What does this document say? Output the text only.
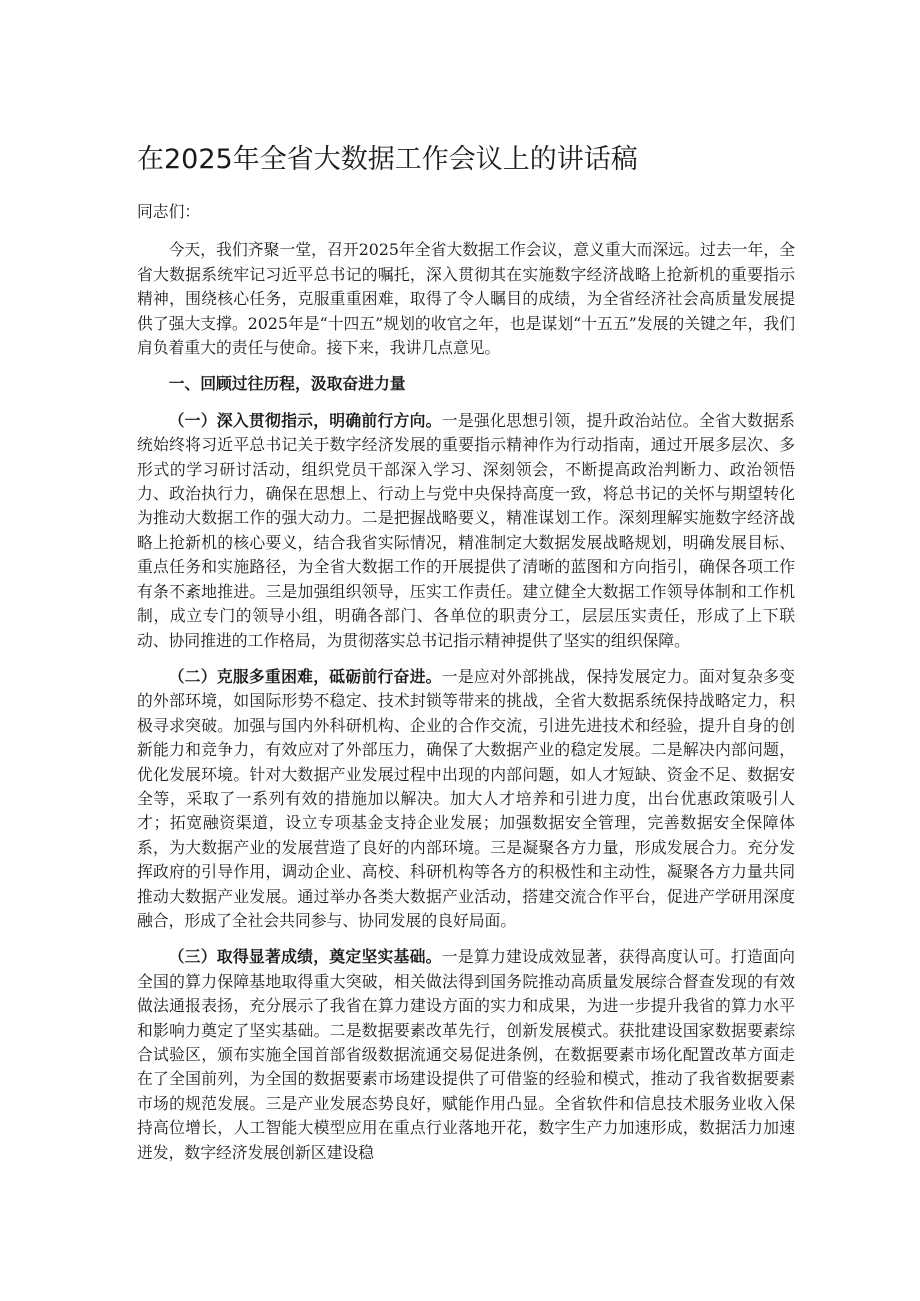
在2025年全省大数据工作会议上的讲话稿

同志们：

今天，我们齐聚一堂，召开2025年全省大数据工作会议，意义重大而深远。过去一年，全省大数据系统牢记习近平总书记的嘱托，深入贯彻其在实施数字经济战略上抢新机的重要指示精神，围绕核心任务，克服重重困难，取得了令人瞩目的成绩，为全省经济社会高质量发展提供了强大支撑。2025年是“十四五”规划的收官之年，也是谋划“十五五”发展的关键之年，我们肩负着重大的责任与使命。接下来，我讲几点意见。

一、回顾过往历程，汲取奋进力量

（一）深入贯彻指示，明确前行方向。一是强化思想引领，提升政治站位。全省大数据系统始终将习近平总书记关于数字经济发展的重要指示精神作为行动指南，通过开展多层次、多形式的学习研讨活动，组织党员干部深入学习、深刻领会，不断提高政治判断力、政治领悟力、政治执行力，确保在思想上、行动上与党中央保持高度一致，将总书记的关怀与期望转化为推动大数据工作的强大动力。二是把握战略要义，精准谋划工作。深刻理解实施数字经济战略上抢新机的核心要义，结合我省实际情况，精准制定大数据发展战略规划，明确发展目标、重点任务和实施路径，为全省大数据工作的开展提供了清晰的蓝图和方向指引，确保各项工作有条不紊地推进。三是加强组织领导，压实工作责任。建立健全大数据工作领导体制和工作机制，成立专门的领导小组，明确各部门、各单位的职责分工，层层压实责任，形成了上下联动、协同推进的工作格局，为贯彻落实总书记指示精神提供了坚实的组织保障。

（二）克服多重困难，砥砺前行奋进。一是应对外部挑战，保持发展定力。面对复杂多变的外部环境，如国际形势不稳定、技术封锁等带来的挑战，全省大数据系统保持战略定力，积极寻求突破。加强与国内外科研机构、企业的合作交流，引进先进技术和经验，提升自身的创新能力和竞争力，有效应对了外部压力，确保了大数据产业的稳定发展。二是解决内部问题，优化发展环境。针对大数据产业发展过程中出现的内部问题，如人才短缺、资金不足、数据安全等，采取了一系列有效的措施加以解决。加大人才培养和引进力度，出台优惠政策吸引人才；拓宽融资渠道，设立专项基金支持企业发展；加强数据安全管理，完善数据安全保障体系，为大数据产业的发展营造了良好的内部环境。三是凝聚各方力量，形成发展合力。充分发挥政府的引导作用，调动企业、高校、科研机构等各方的积极性和主动性，凝聚各方力量共同推动大数据产业发展。通过举办各类大数据产业活动，搭建交流合作平台，促进产学研用深度融合，形成了全社会共同参与、协同发展的良好局面。

（三）取得显著成绩，奠定坚实基础。一是算力建设成效显著，获得高度认可。打造面向全国的算力保障基地取得重大突破，相关做法得到国务院推动高质量发展综合督查发现的有效做法通报表扬，充分展示了我省在算力建设方面的实力和成果，为进一步提升我省的算力水平和影响力奠定了坚实基础。二是数据要素改革先行，创新发展模式。获批建设国家数据要素综合试验区，颁布实施全国首部省级数据流通交易促进条例，在数据要素市场化配置改革方面走在了全国前列，为全国的数据要素市场建设提供了可借鉴的经验和模式，推动了我省数据要素市场的规范发展。三是产业发展态势良好，赋能作用凸显。全省软件和信息技术服务业收入保持高位增长，人工智能大模型应用在重点行业落地开花，数字生产力加速形成，数据活力加速迸发，数字经济发展创新区建设稳
